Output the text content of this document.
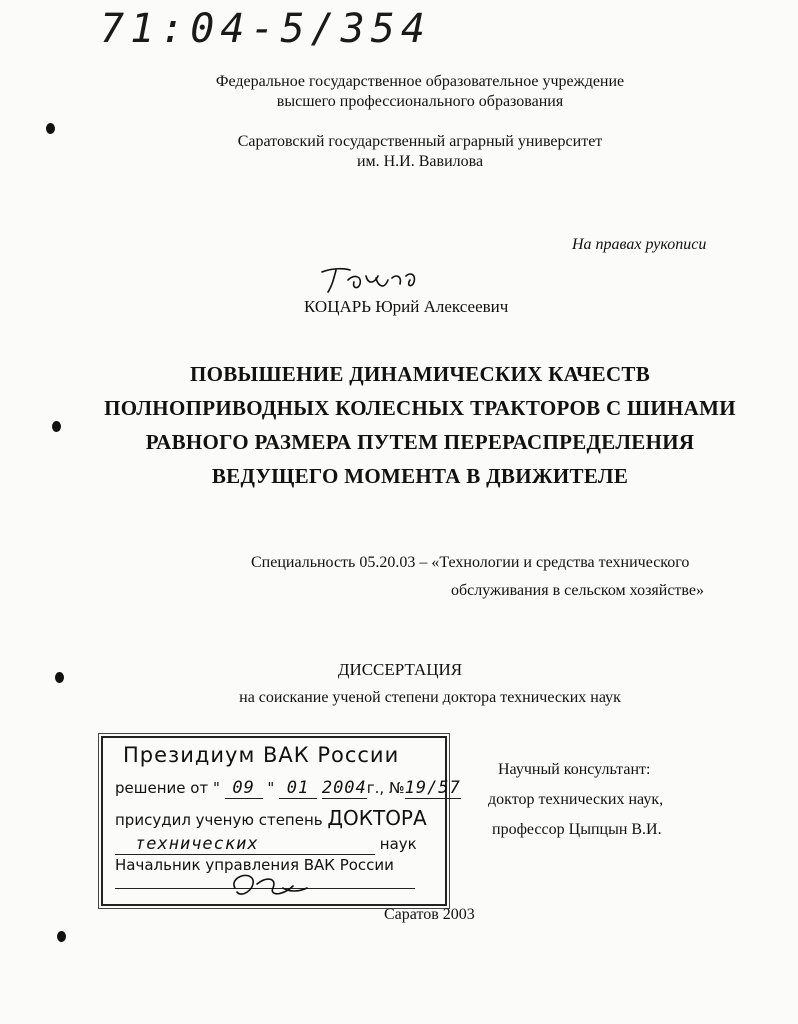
71:04-5/354
Федеральное государственное образовательное учреждение
высшего профессионального образования
Саратовский государственный аграрный университет
им. Н.И. Вавилова
На правах рукописи
КОЦАРЬ Юрий Алексеевич
ПОВЫШЕНИЕ ДИНАМИЧЕСКИХ КАЧЕСТВ
ПОЛНОПРИВОДНЫХ КОЛЕСНЫХ ТРАКТОРОВ С ШИНАМИ
РАВНОГО РАЗМЕРА ПУТЕМ ПЕРЕРАСПРЕДЕЛЕНИЯ
ВЕДУЩЕГО МОМЕНТА В ДВИЖИТЕЛЕ
Специальность 05.20.03 – «Технологии и средства технического
обслуживания в сельском хозяйстве»
ДИССЕРТАЦИЯ
на соискание ученой степени доктора технических наук
Президиум ВАК России
решение от " 09 " 01 2004г., №19/57
присудил ученую степень ДОКТОРА
технических	наук
Начальник управления ВАК России
Научный консультант:
доктор технических наук,
профессор Цыпцын В.И.
Саратов 2003
